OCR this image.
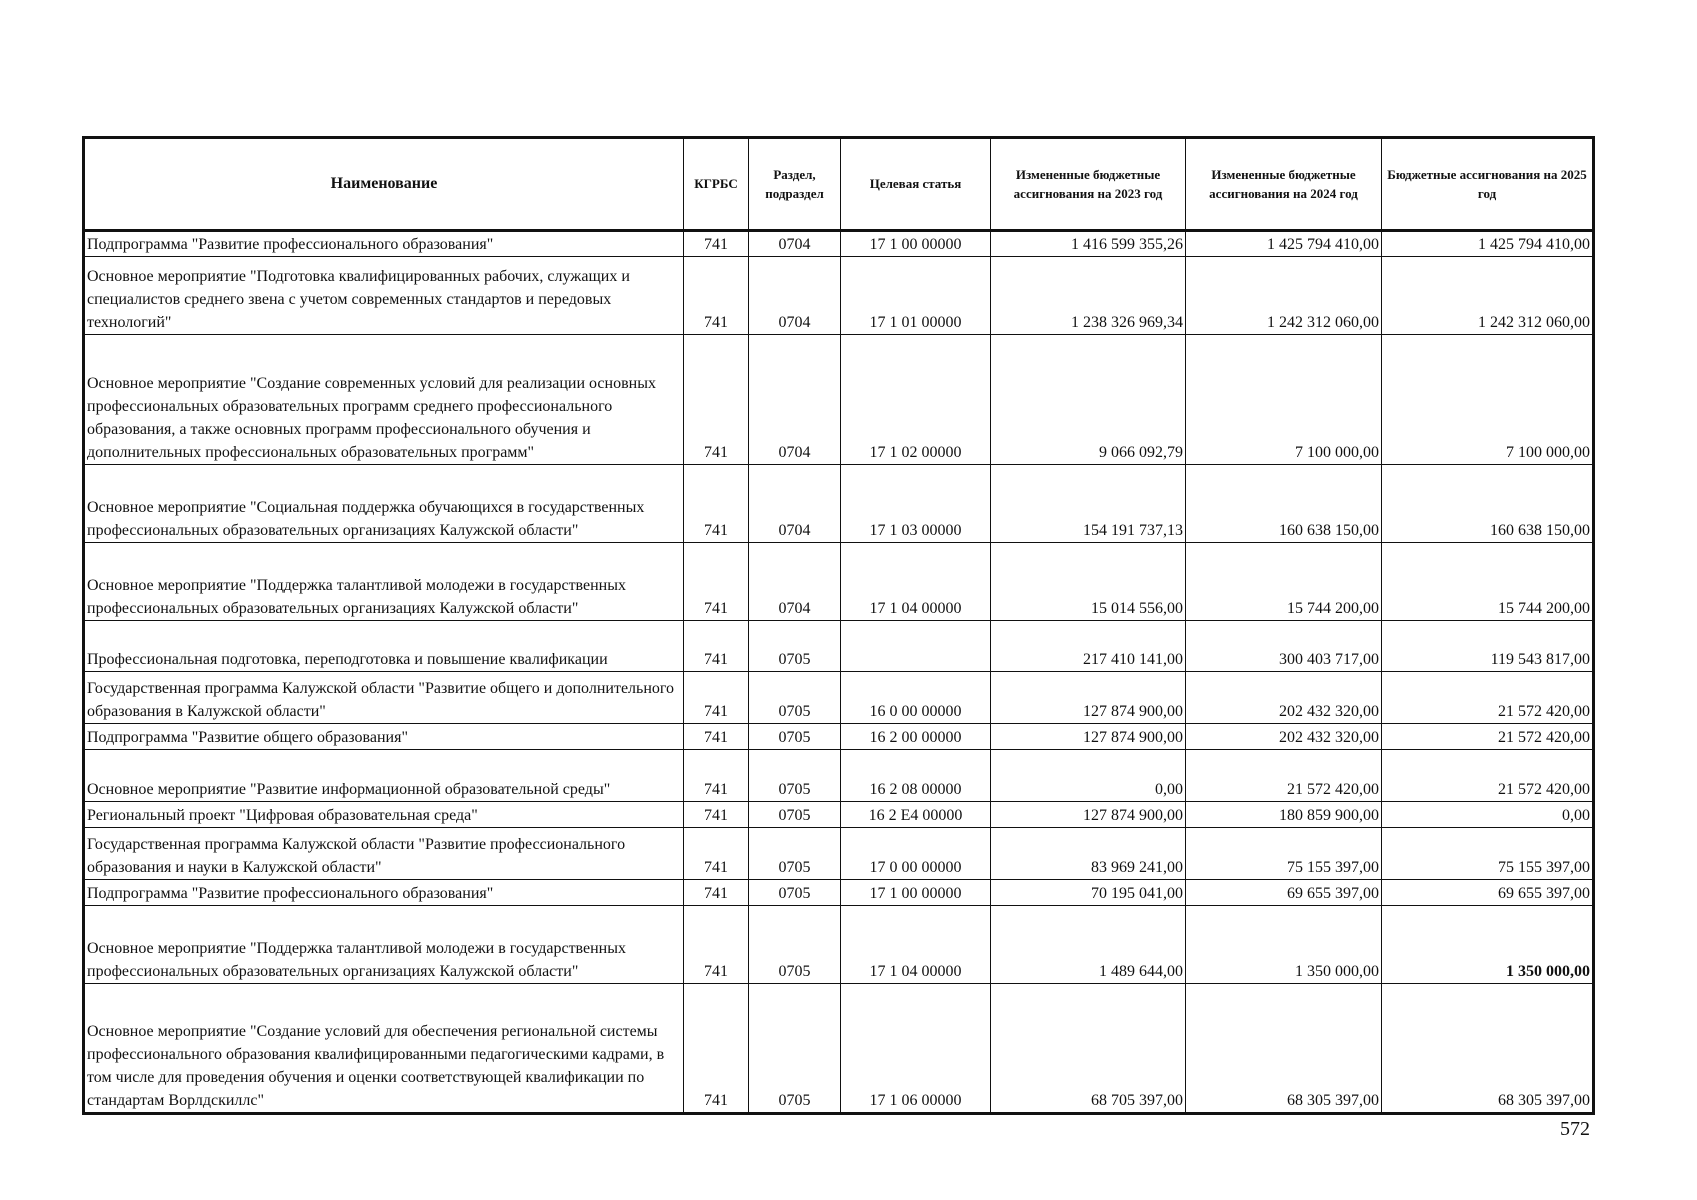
Наименование	КГРБС	Раздел, подраздел	Целевая статья	Измененные бюджетные ассигнования на 2023 год	Измененные бюджетные ассигнования на 2024 год	Бюджетные ассигнования на 2025 год
Подпрограмма "Развитие профессионального образования"	741	0704	17 1 00 00000	1 416 599 355,26	1 425 794 410,00	1 425 794 410,00
Основное мероприятие "Подготовка квалифицированных рабочих, служащих и специалистов среднего звена с учетом современных стандартов и передовых технологий"	741	0704	17 1 01 00000	1 238 326 969,34	1 242 312 060,00	1 242 312 060,00
Основное мероприятие "Создание современных условий для реализации основных профессиональных образовательных программ среднего профессионального образования, а также основных программ профессионального обучения и дополнительных профессиональных образовательных программ"	741	0704	17 1 02 00000	9 066 092,79	7 100 000,00	7 100 000,00
Основное мероприятие "Социальная поддержка обучающихся в государственных профессиональных образовательных организациях Калужской области"	741	0704	17 1 03 00000	154 191 737,13	160 638 150,00	160 638 150,00
Основное мероприятие "Поддержка талантливой молодежи в государственных профессиональных образовательных организациях Калужской области"	741	0704	17 1 04 00000	15 014 556,00	15 744 200,00	15 744 200,00
Профессиональная подготовка, переподготовка и повышение квалификации	741	0705		217 410 141,00	300 403 717,00	119 543 817,00
Государственная программа Калужской области "Развитие общего и дополнительного образования в Калужской области"	741	0705	16 0 00 00000	127 874 900,00	202 432 320,00	21 572 420,00
Подпрограмма "Развитие общего образования"	741	0705	16 2 00 00000	127 874 900,00	202 432 320,00	21 572 420,00
Основное мероприятие "Развитие информационной образовательной среды"	741	0705	16 2 08 00000	0,00	21 572 420,00	21 572 420,00
Региональный проект "Цифровая образовательная среда"	741	0705	16 2 E4 00000	127 874 900,00	180 859 900,00	0,00
Государственная программа Калужской области "Развитие профессионального образования и науки в Калужской области"	741	0705	17 0 00 00000	83 969 241,00	75 155 397,00	75 155 397,00
Подпрограмма "Развитие профессионального образования"	741	0705	17 1 00 00000	70 195 041,00	69 655 397,00	69 655 397,00
Основное мероприятие "Поддержка талантливой молодежи в государственных профессиональных образовательных организациях Калужской области"	741	0705	17 1 04 00000	1 489 644,00	1 350 000,00	1 350 000,00
Основное мероприятие "Создание условий для обеспечения региональной системы профессионального образования квалифицированными педагогическими кадрами, в том числе для проведения обучения и оценки соответствующей квалификации по стандартам Ворлдскиллс"	741	0705	17 1 06 00000	68 705 397,00	68 305 397,00	68 305 397,00
572
